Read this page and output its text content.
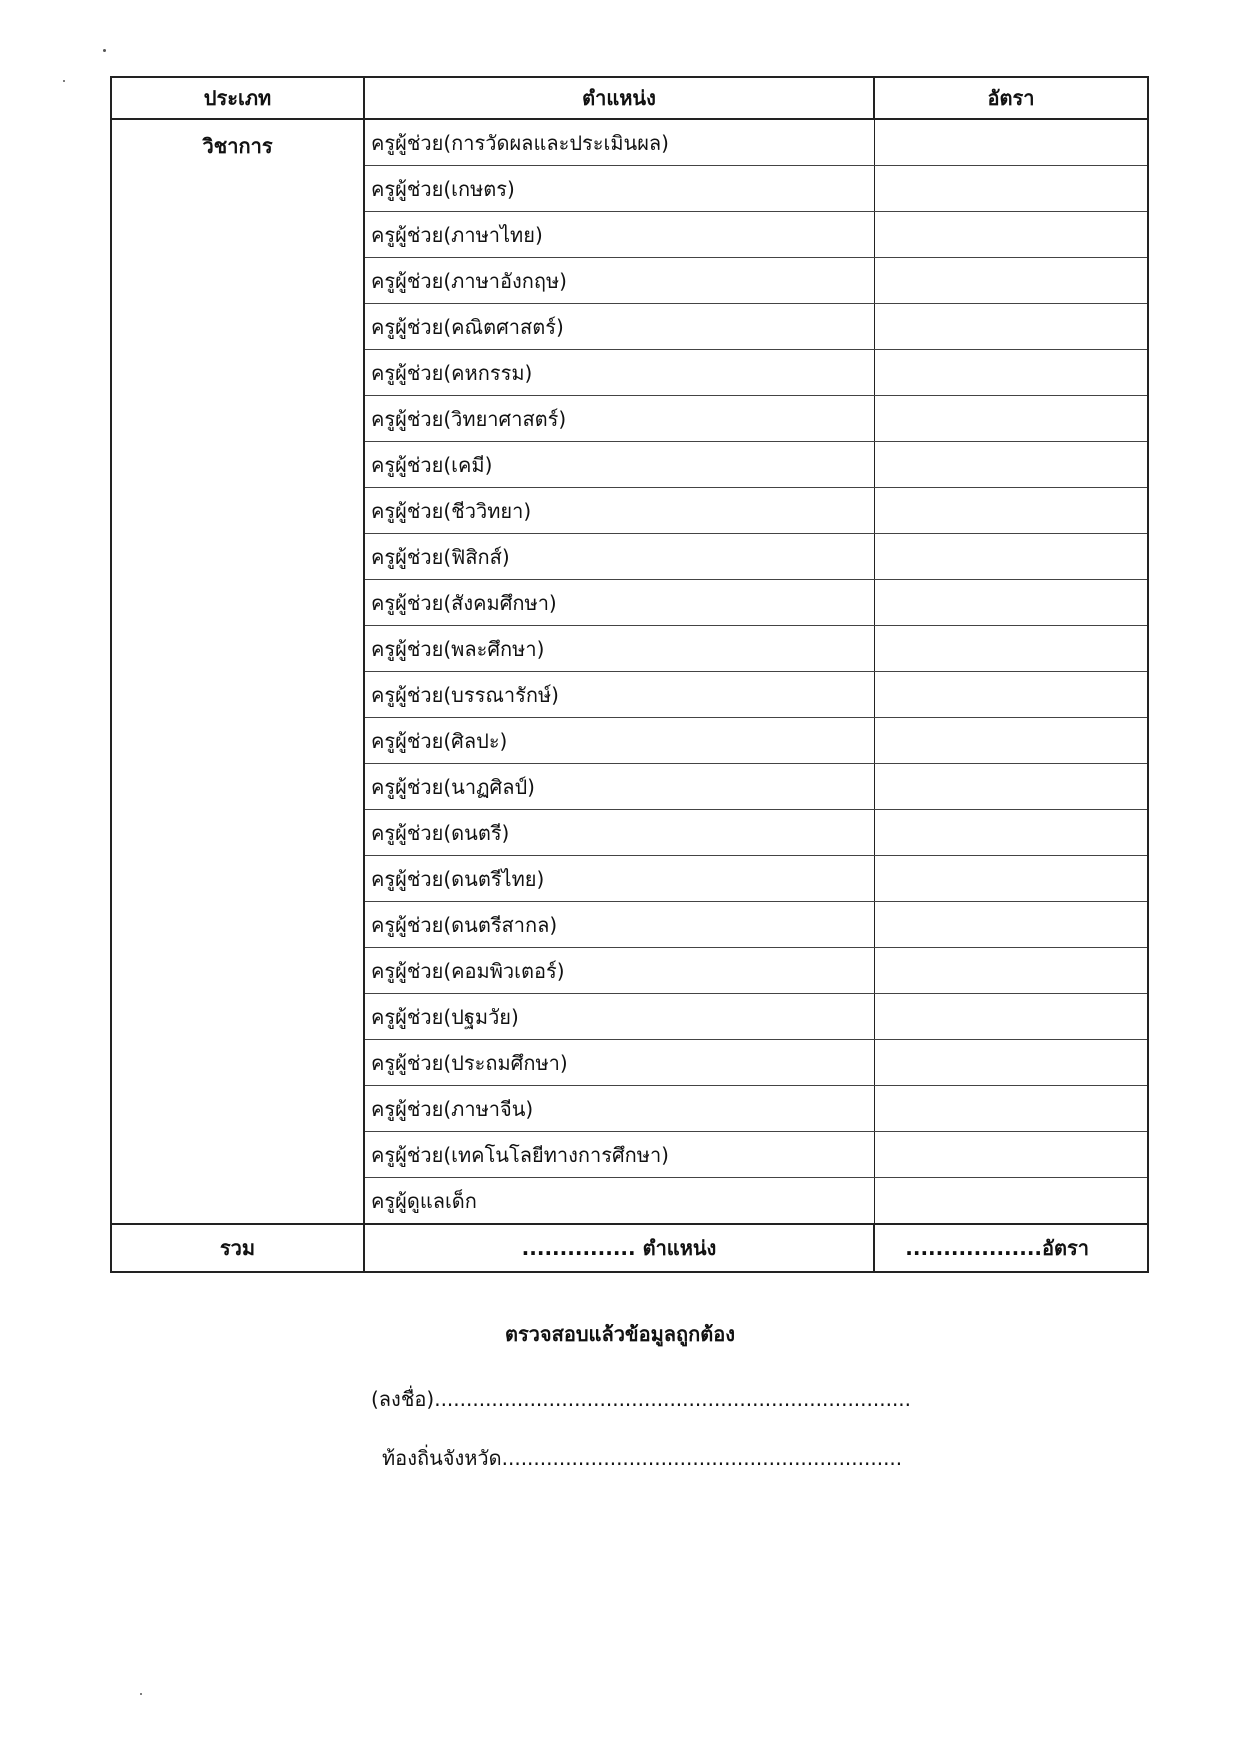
ประเภท	ตำแหน่ง	อัตรา
วิชาการ	ครูผู้ช่วย(การวัดผลและประเมินผล)	
	ครูผู้ช่วย(เกษตร)	
	ครูผู้ช่วย(ภาษาไทย)	
	ครูผู้ช่วย(ภาษาอังกฤษ)	
	ครูผู้ช่วย(คณิตศาสตร์)	
	ครูผู้ช่วย(คหกรรม)	
	ครูผู้ช่วย(วิทยาศาสตร์)	
	ครูผู้ช่วย(เคมี)	
	ครูผู้ช่วย(ชีววิทยา)	
	ครูผู้ช่วย(ฟิสิกส์)	
	ครูผู้ช่วย(สังคมศึกษา)	
	ครูผู้ช่วย(พละศึกษา)	
	ครูผู้ช่วย(บรรณารักษ์)	
	ครูผู้ช่วย(ศิลปะ)	
	ครูผู้ช่วย(นาฏศิลป์)	
	ครูผู้ช่วย(ดนตรี)	
	ครูผู้ช่วย(ดนตรีไทย)	
	ครูผู้ช่วย(ดนตรีสากล)	
	ครูผู้ช่วย(คอมพิวเตอร์)	
	ครูผู้ช่วย(ปฐมวัย)	
	ครูผู้ช่วย(ประถมศึกษา)	
	ครูผู้ช่วย(ภาษาจีน)	
	ครูผู้ช่วย(เทคโนโลยีทางการศึกษา)	
	ครูผู้ดูแลเด็ก	
รวม	............... ตำแหน่ง	..................อัตรา
ตรวจสอบแล้วข้อมูลถูกต้อง
(ลงชื่อ)...........................................................................
ท้องถิ่นจังหวัด...............................................................
